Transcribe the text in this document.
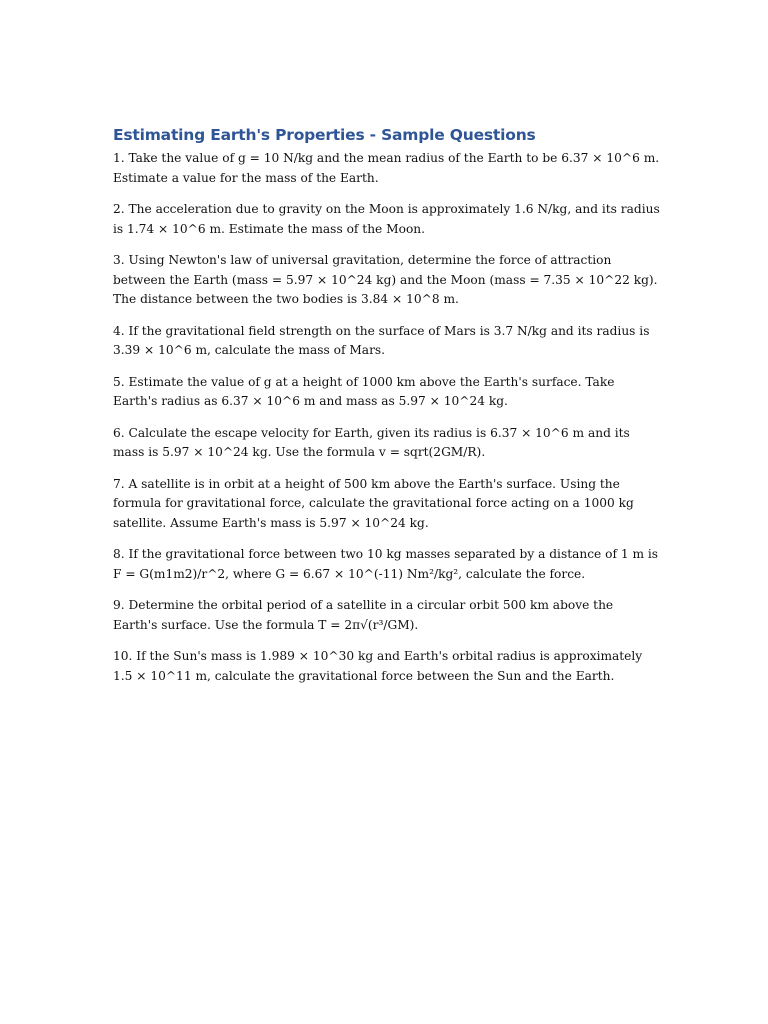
Estimating Earth's Properties - Sample Questions

1. Take the value of g = 10 N/kg and the mean radius of the Earth to be 6.37 × 10^6 m. Estimate a value for the mass of the Earth.

2. The acceleration due to gravity on the Moon is approximately 1.6 N/kg, and its radius is 1.74 × 10^6 m. Estimate the mass of the Moon.

3. Using Newton's law of universal gravitation, determine the force of attraction between the Earth (mass = 5.97 × 10^24 kg) and the Moon (mass = 7.35 × 10^22 kg). The distance between the two bodies is 3.84 × 10^8 m.

4. If the gravitational field strength on the surface of Mars is 3.7 N/kg and its radius is 3.39 × 10^6 m, calculate the mass of Mars.

5. Estimate the value of g at a height of 1000 km above the Earth's surface. Take Earth's radius as 6.37 × 10^6 m and mass as 5.97 × 10^24 kg.

6. Calculate the escape velocity for Earth, given its radius is 6.37 × 10^6 m and its mass is 5.97 × 10^24 kg. Use the formula v = sqrt(2GM/R).

7. A satellite is in orbit at a height of 500 km above the Earth's surface. Using the formula for gravitational force, calculate the gravitational force acting on a 1000 kg satellite. Assume Earth's mass is 5.97 × 10^24 kg.

8. If the gravitational force between two 10 kg masses separated by a distance of 1 m is F = G(m1m2)/r^2, where G = 6.67 × 10^(-11) Nm²/kg², calculate the force.

9. Determine the orbital period of a satellite in a circular orbit 500 km above the Earth's surface. Use the formula T = 2π√(r³/GM).

10. If the Sun's mass is 1.989 × 10^30 kg and Earth's orbital radius is approximately 1.5 × 10^11 m, calculate the gravitational force between the Sun and the Earth.
